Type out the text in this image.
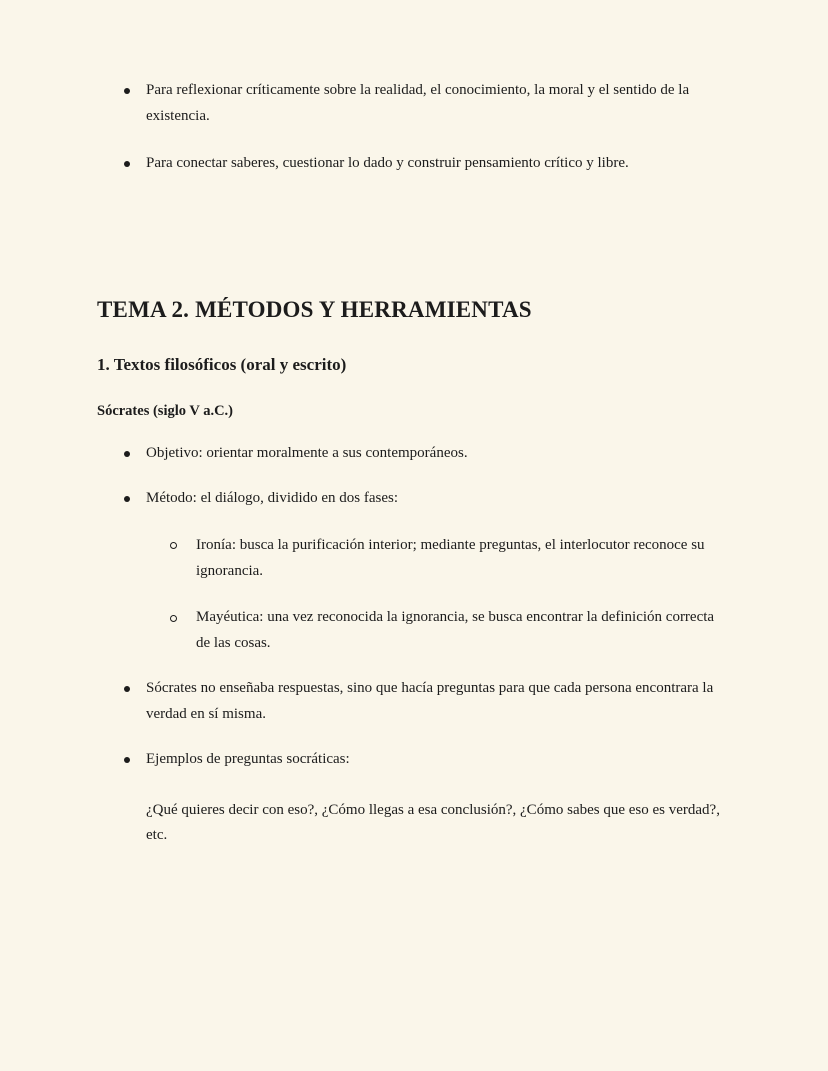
Para reflexionar críticamente sobre la realidad, el conocimiento, la moral y el sentido de la existencia.
Para conectar saberes, cuestionar lo dado y construir pensamiento crítico y libre.
TEMA 2. MÉTODOS Y HERRAMIENTAS
1. Textos filosóficos (oral y escrito)
Sócrates (siglo V a.C.)
Objetivo: orientar moralmente a sus contemporáneos.
Método: el diálogo, dividido en dos fases:
Ironía: busca la purificación interior; mediante preguntas, el interlocutor reconoce su ignorancia.
Mayéutica: una vez reconocida la ignorancia, se busca encontrar la definición correcta de las cosas.
Sócrates no enseñaba respuestas, sino que hacía preguntas para que cada persona encontrara la verdad en sí misma.
Ejemplos de preguntas socráticas:

¿Qué quieres decir con eso?, ¿Cómo llegas a esa conclusión?, ¿Cómo sabes que eso es verdad?, etc.
